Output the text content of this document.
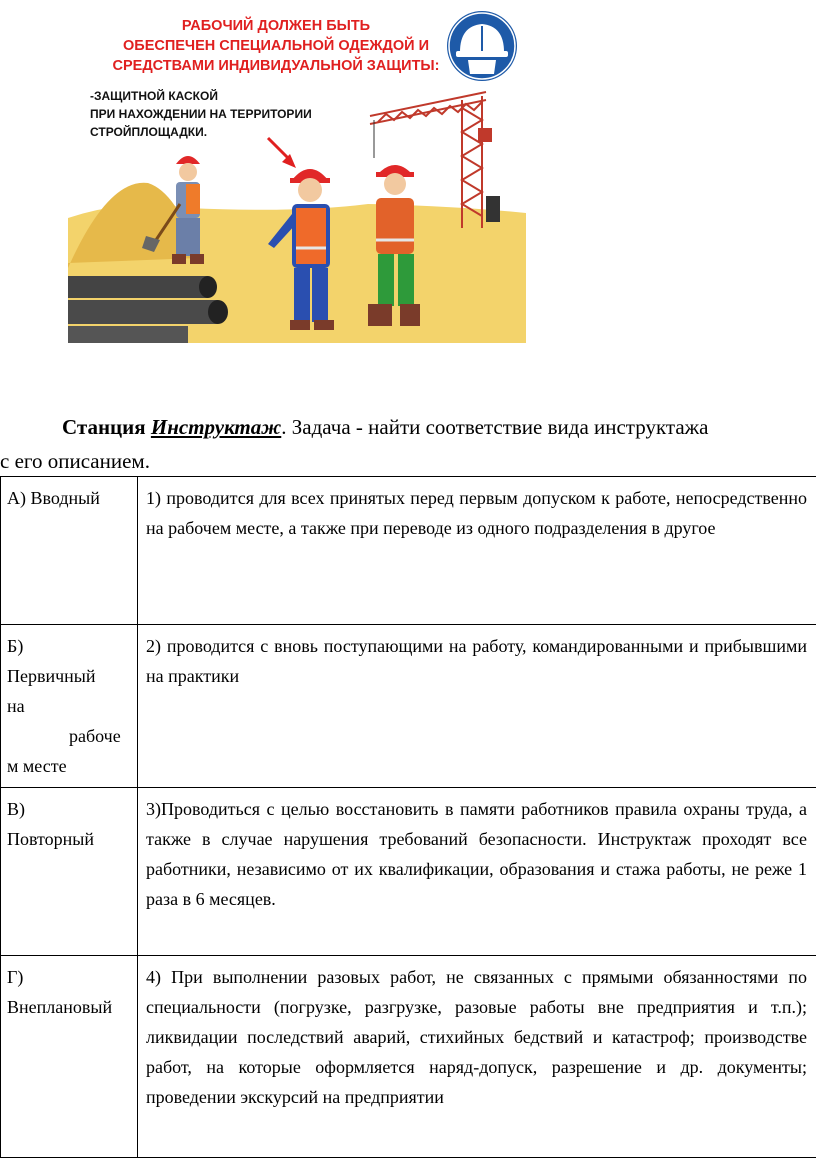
РАБОЧИЙ ДОЛЖЕН БЫТЬ
ОБЕСПЕЧЕН СПЕЦИАЛЬНОЙ ОДЕЖДОЙ И
СРЕДСТВАМИ ИНДИВИДУАЛЬНОЙ ЗАЩИТЫ:
-ЗАЩИТНОЙ КАСКОЙ
ПРИ НАХОЖДЕНИИ НА ТЕРРИТОРИИ
СТРОЙПЛОЩАДКИ.
Станция Инструктаж. Задача - найти соответствие вида инструктажа
с его описанием.
А) Вводный	1) проводится для всех принятых перед первым допуском к работе, непосредственно на рабочем месте, а также при переводе из одного подразделения в другое

Б)
Первичный
на
рабоче
м месте	2) проводится с вновь поступающими на работу, командированными и прибывшими на практики

В)
Повторный	3)Проводиться с целью восстановить в памяти работников правила охраны труда, а также в случае нарушения требований безопасности. Инструктаж проходят все работники, независимо от их квалификации, образования и стажа работы, не реже 1 раза в 6 месяцев.

Г)
Внеплановый	4) При выполнении разовых работ, не связанных с прямыми обязанностями по специальности (погрузке, разгрузке, разовые работы вне предприятия и т.п.); ликвидации последствий аварий, стихийных бедствий и катастроф; производстве работ, на которые оформляется наряд-допуск, разрешение и др. документы; проведении экскурсий на предприятии
